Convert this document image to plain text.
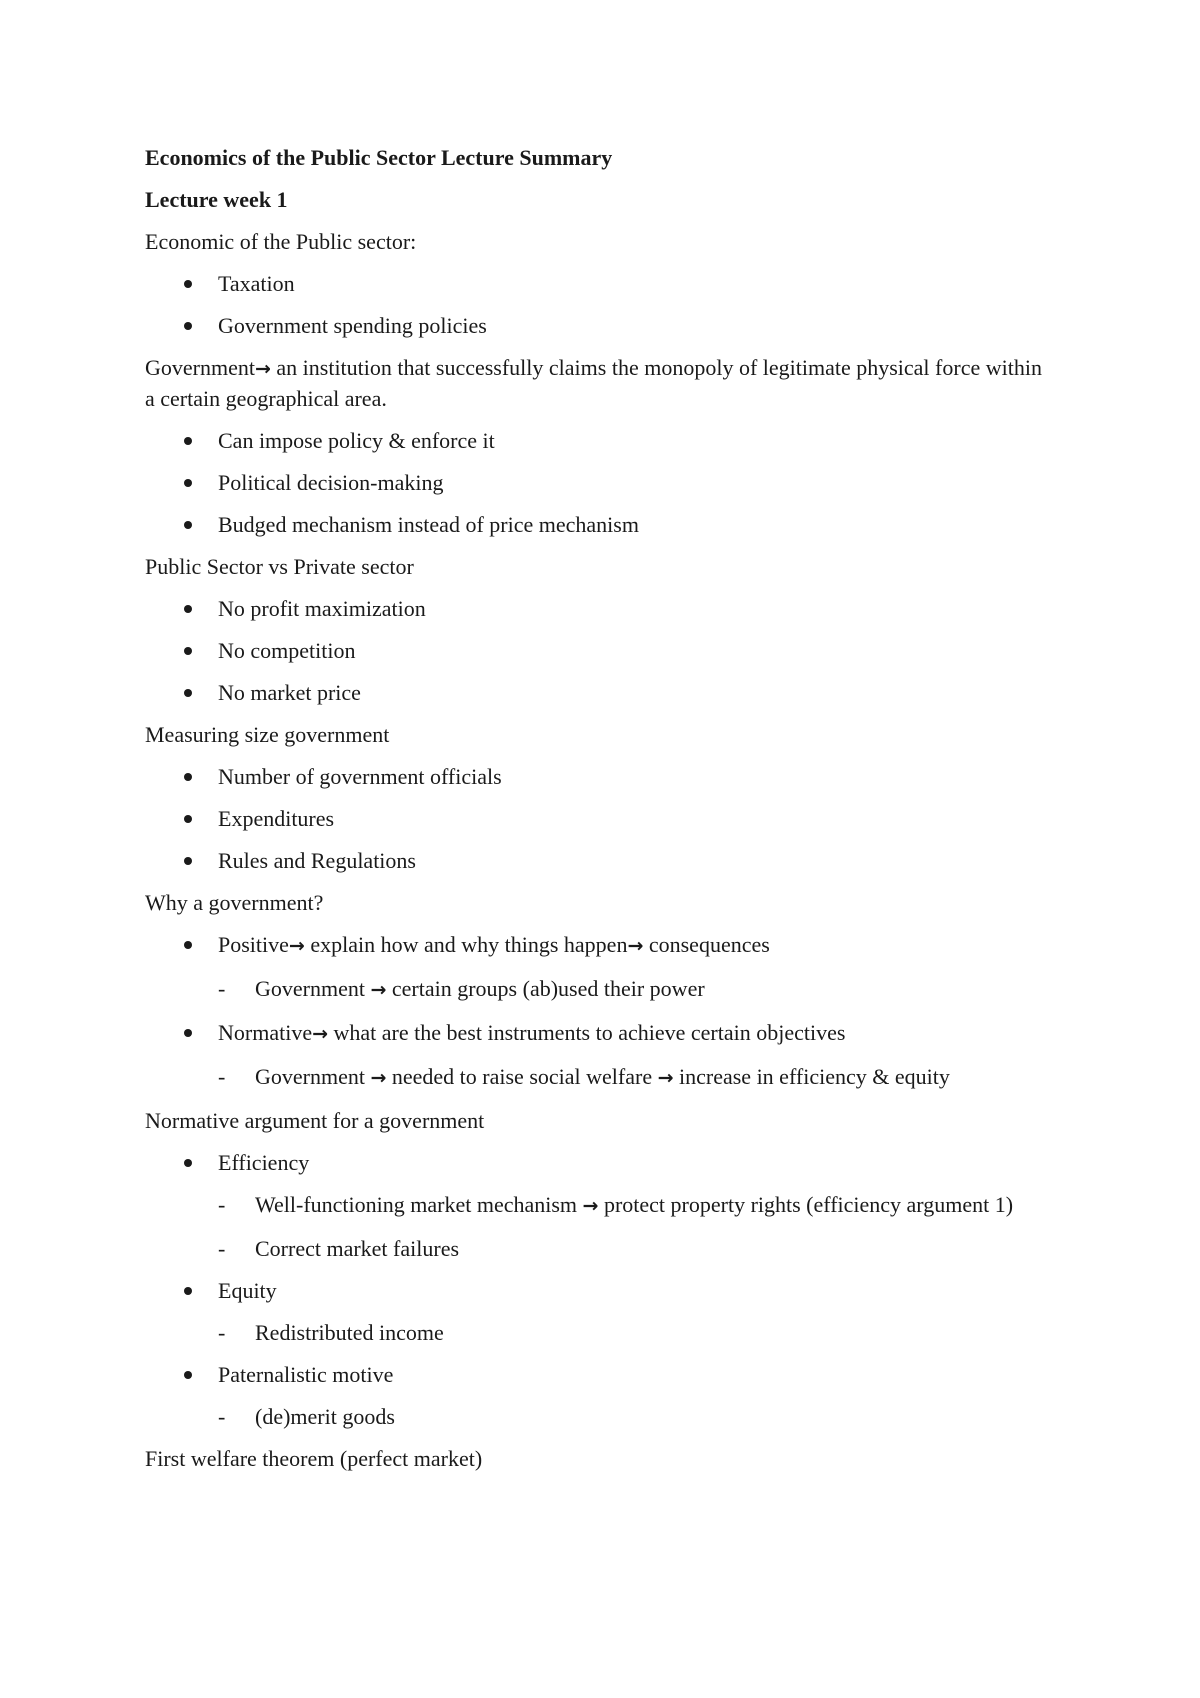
Economics of the Public Sector Lecture Summary
Lecture week 1
Economic of the Public sector:
Taxation
Government spending policies
Government→ an institution that successfully claims the monopoly of legitimate physical force within a certain geographical area.
Can impose policy & enforce it
Political decision-making
Budged mechanism instead of price mechanism
Public Sector vs Private sector
No profit maximization
No competition
No market price
Measuring size government
Number of government officials
Expenditures
Rules and Regulations
Why a government?
Positive→ explain how and why things happen→ consequences
- Government → certain groups (ab)used their power
Normative→ what are the best instruments to achieve certain objectives
- Government → needed to raise social welfare → increase in efficiency & equity
Normative argument for a government
Efficiency
- Well-functioning market mechanism → protect property rights (efficiency argument 1)
- Correct market failures
Equity
- Redistributed income
Paternalistic motive
- (de)merit goods
First welfare theorem (perfect market)
